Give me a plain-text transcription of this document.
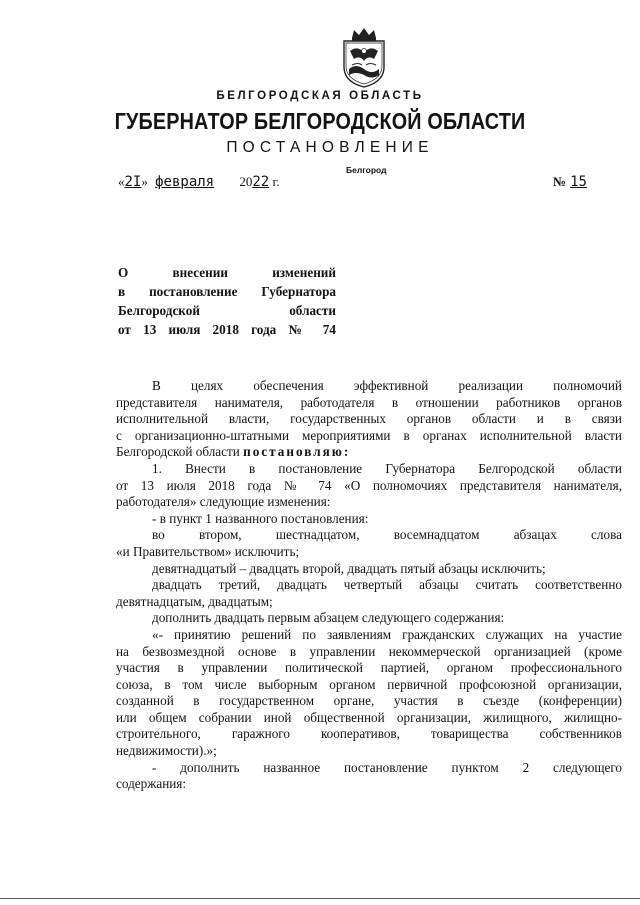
БЕЛГОРОДСКАЯ ОБЛАСТЬ
ГУБЕРНАТОР БЕЛГОРОДСКОЙ ОБЛАСТИ
ПОСТАНОВЛЕНИЕ
Белгород
«2I» февраля 2022 г.	№ 15
О внесении изменений
в постановление Губернатора
Белгородской области
от 13 июля 2018 года № 74
В целях обеспечения эффективной реализации полномочий
представителя нанимателя, работодателя в отношении работников органов
исполнительной власти, государственных органов области и в связи
с организационно-штатными мероприятиями в органах исполнительной власти
Белгородской области постановляю:
1. Внести в постановление Губернатора Белгородской области
от 13 июля 2018 года № 74 «О полномочиях представителя нанимателя,
работодателя» следующие изменения:
- в пункт 1 названного постановления:
во втором, шестнадцатом, восемнадцатом абзацах слова
«и Правительством» исключить;
девятнадцатый – двадцать второй, двадцать пятый абзацы исключить;
двадцать третий, двадцать четвертый абзацы считать соответственно
девятнадцатым, двадцатым;
дополнить двадцать первым абзацем следующего содержания:
«- принятию решений по заявлениям гражданских служащих на участие
на безвозмездной основе в управлении некоммерческой организацией (кроме
участия в управлении политической партией, органом профессионального
союза, в том числе выборным органом первичной профсоюзной организации,
созданной в государственном органе, участия в съезде (конференции)
или общем собрании иной общественной организации, жилищного, жилищно-
строительного, гаражного кооперативов, товарищества собственников
недвижимости).»;
- дополнить названное постановление пунктом 2 следующего
содержания:
